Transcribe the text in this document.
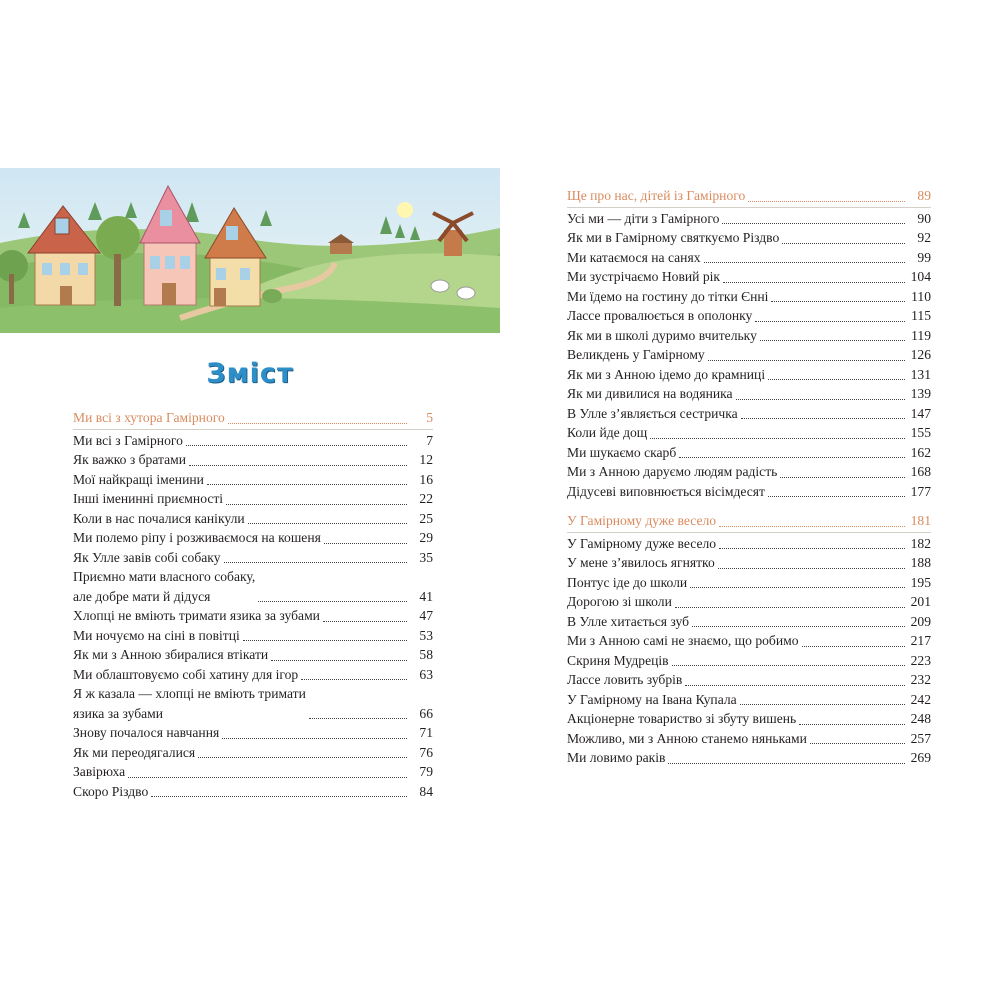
Зміст
Ми всі з хутора Гамірного	5
Ми всі з Гамірного	7
Як важко з братами	12
Мої найкращі іменини	16
Інші іменинні приємності	22
Коли в нас почалися канікули	25
Ми полемо ріпу і розживаємося на кошеня	29
Як Улле завів собі собаку	35
Приємно мати власного собаку,
але добре мати й дідуся	41
Хлопці не вміють тримати язика за зубами	47
Ми ночуємо на сіні в повітці	53
Як ми з Анною збиралися втікати	58
Ми облаштовуємо собі хатину для ігор	63
Я ж казала — хлопці не вміють тримати
язика за зубами	66
Знову почалося навчання	71
Як ми переодягалися	76
Завірюха	79
Скоро Різдво	84
Ще про нас, дітей із Гамірного	89
Усі ми — діти з Гамірного	90
Як ми в Гамірному святкуємо Різдво	92
Ми катаємося на санях	99
Ми зустрічаємо Новий рік	104
Ми їдемо на гостину до тітки Єнні	110
Лассе провалюється в ополонку	115
Як ми в школі дуримо вчительку	119
Великдень у Гамірному	126
Як ми з Анною ідемо до крамниці	131
Як ми дивилися на водяника	139
В Улле з’являється сестричка	147
Коли йде дощ	155
Ми шукаємо скарб	162
Ми з Анною даруємо людям радість	168
Дідусеві виповнюється вісімдесят	177
У Гамірному дуже весело	181
У Гамірному дуже весело	182
У мене з’явилось ягнятко	188
Понтус іде до школи	195
Дорогою зі школи	201
В Улле хитається зуб	209
Ми з Анною самі не знаємо, що робимо	217
Скриня Мудреців	223
Лассе ловить зубрів	232
У Гамірному на Івана Купала	242
Акціонерне товариство зі збуту вишень	248
Можливо, ми з Анною станемо няньками	257
Ми ловимо раків	269
